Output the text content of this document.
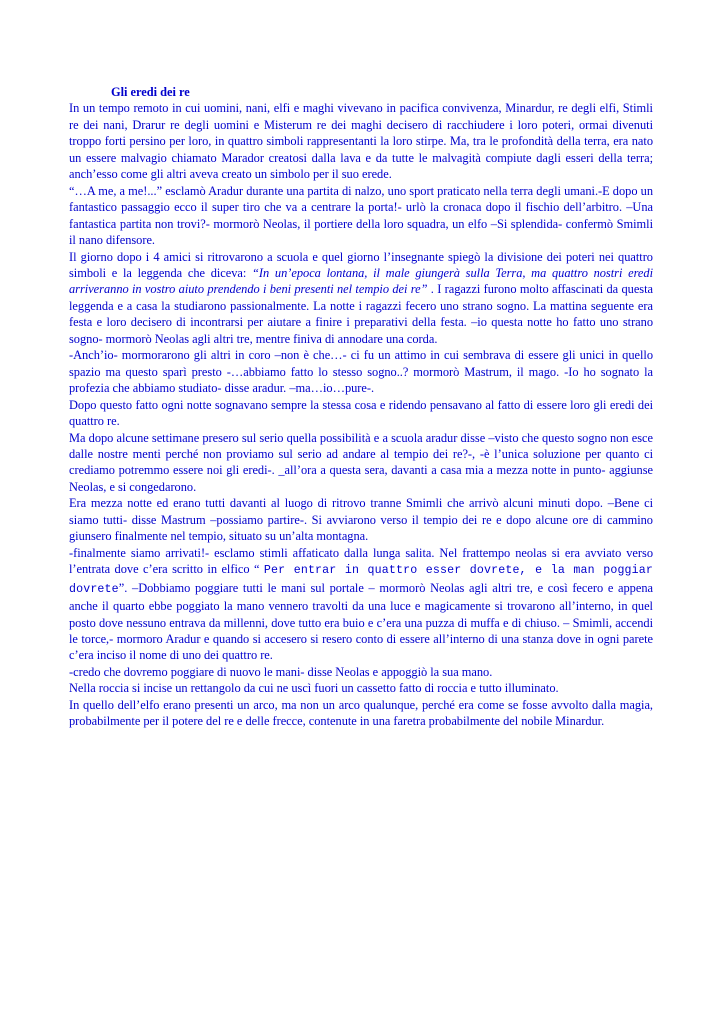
Gli eredi dei re

In un tempo remoto in cui uomini, nani, elfi e maghi vivevano in pacifica convivenza, Minardur, re degli elfi, Stimli re dei nani, Drarur re degli uomini e Misterum re dei maghi decisero di racchiudere i loro poteri, ormai divenuti troppo forti persino per loro, in quattro simboli rappresentanti la loro stirpe. Ma, tra le profondità della terra, era nato un essere malvagio chiamato Marador creatosi dalla lava e da tutte le malvagità compiute dagli esseri della terra; anch’esso come gli altri aveva creato un simbolo per il suo erede.

“…A me, a me!...” esclamò Aradur durante una partita di nalzo, uno sport praticato nella terra degli umani.-E dopo un fantastico passaggio ecco il super tiro che va a centrare la porta!- urlò la cronaca dopo il fischio dell’arbitro. –Una fantastica partita non trovi?- mormorò Neolas, il portiere della loro squadra, un elfo –Si splendida- confermò Smimli il nano difensore.

Il giorno dopo i 4 amici si ritrovarono a scuola e quel giorno l’insegnante spiegò la divisione dei poteri nei quattro simboli e la leggenda che diceva: “In un’epoca lontana, il male giungerà sulla Terra, ma quattro nostri eredi arriveranno in vostro aiuto prendendo i beni presenti nel tempio dei re” . I ragazzi furono molto affascinati da questa leggenda e a casa la studiarono passionalmente. La notte i ragazzi fecero uno strano sogno. La mattina seguente era festa e loro decisero di incontrarsi per aiutare a finire i preparativi della festa. –io questa notte ho fatto uno strano sogno- mormorò Neolas agli altri tre, mentre finiva di annodare una corda.

-Anch’io- mormorarono gli altri in coro –non è che…- ci fu un attimo in cui sembrava di essere gli unici in quello spazio ma questo sparì presto -…abbiamo fatto lo stesso sogno..? mormorò Mastrum, il mago. -Io ho sognato la profezia che abbiamo studiato- disse aradur. –ma…io…pure-.

Dopo questo fatto ogni notte sognavano sempre la stessa cosa e ridendo pensavano al fatto di essere loro gli eredi dei quattro re.

Ma dopo alcune settimane presero sul serio quella possibilità e a scuola aradur disse –visto che questo sogno non esce dalle nostre menti perché non proviamo sul serio ad andare al tempio dei re?-, -è l’unica soluzione per quanto ci crediamo potremmo essere noi gli eredi-. _all’ora a questa sera, davanti a casa mia a mezza notte in punto- aggiunse Neolas, e si congedarono.

Era mezza notte ed erano tutti davanti al luogo di ritrovo tranne Smimli che arrivò alcuni minuti dopo. –Bene ci siamo tutti- disse Mastrum –possiamo partire-. Si avviarono verso il tempio dei re e dopo alcune ore di cammino giunsero finalmente nel tempio, situato su un’alta montagna.

-finalmente siamo arrivati!- esclamo stimli affaticato dalla lunga salita. Nel frattempo neolas si era avviato verso l’entrata dove c’era scritto in elfico “ Per entrar in quattro esser dovrete, e la man poggiar dovrete”. –Dobbiamo poggiare tutti le mani sul portale – mormorò Neolas agli altri tre, e così fecero e appena anche il quarto ebbe poggiato la mano vennero travolti da una luce e magicamente si trovarono all’interno, in quel posto dove nessuno entrava da millenni, dove tutto era buio e c’era una puzza di muffa e di chiuso. – Smimli, accendi le torce,- mormoro Aradur e quando si accesero si resero conto di essere all’interno di una stanza dove in ogni parete c’era inciso il nome di uno dei quattro re.

-credo che dovremo poggiare di nuovo le mani- disse Neolas e appoggiò la sua mano.

Nella roccia si incise un rettangolo da cui ne uscì fuori un cassetto fatto di roccia e tutto illuminato.

In quello dell’elfo erano presenti un arco, ma non un arco qualunque, perché era come se fosse avvolto dalla magia, probabilmente per il potere del re e delle frecce, contenute in una faretra probabilmente del nobile Minardur.
